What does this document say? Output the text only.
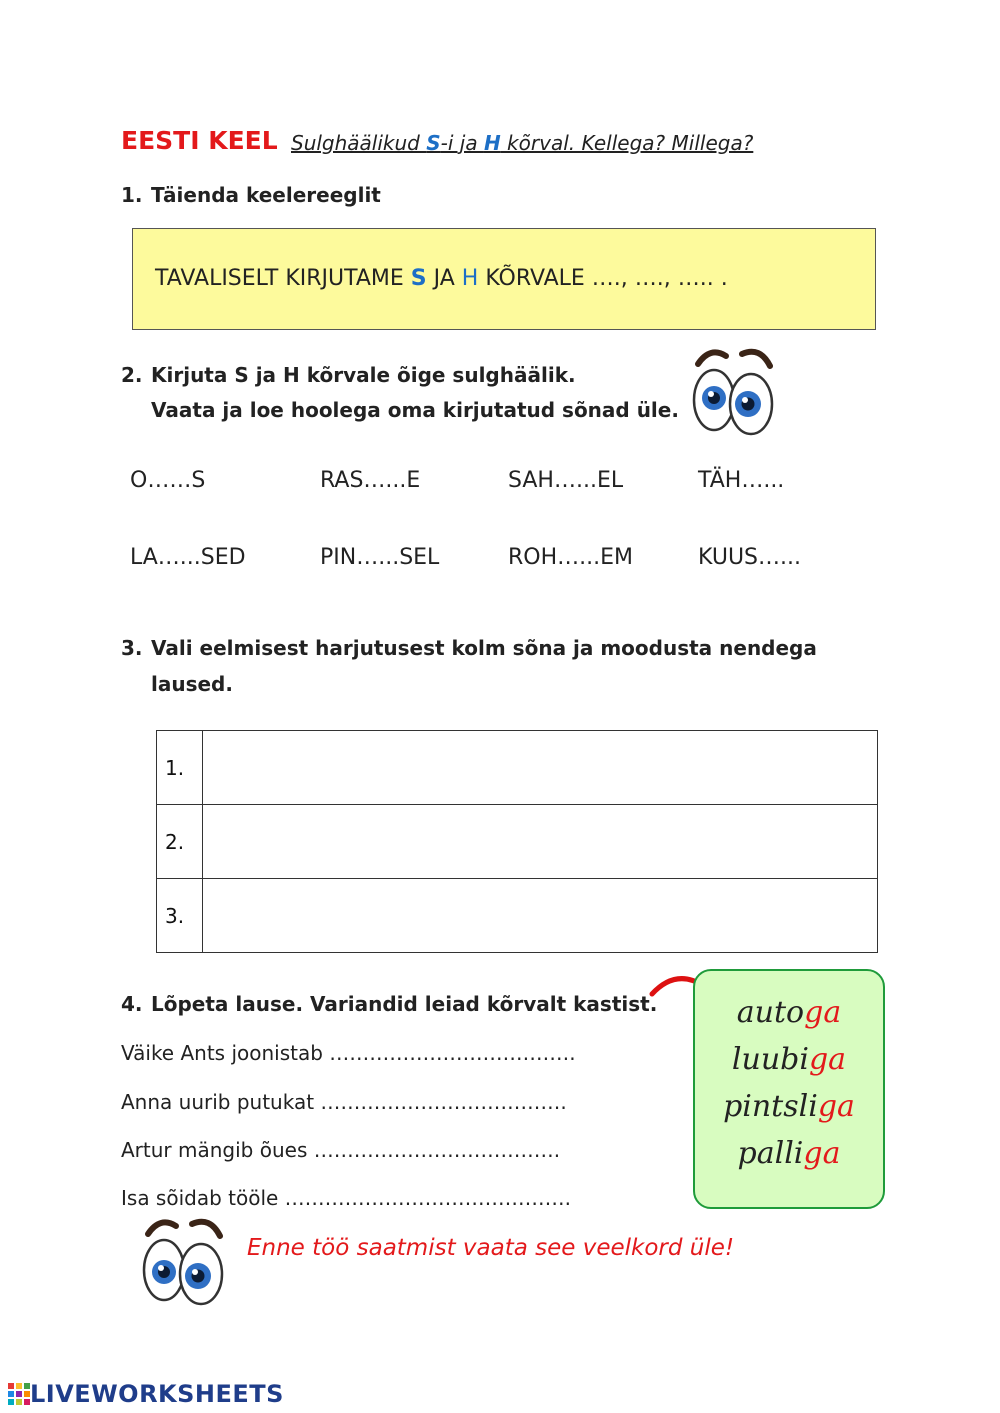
EESTI KEEL Sulghäälikud S-i ja H kõrval. Kellega? Millega?
1. Täienda keelereeglit
TAVALISELT KIRJUTAME S JA H KÕRVALE …., …., ….. .
2. Kirjuta S ja H kõrvale õige sulghäälik.
Vaata ja loe hoolega oma kirjutatud sõnad üle.
O……S	RAS…...E	SAH…...EL	TÄH…...
LA…...SED	PIN…...SEL	ROH…...EM	KUUS…...
3. Vali eelmisest harjutusest kolm sõna ja moodusta nendega
laused.
1.	
2.	
3.	
4. Lõpeta lause. Variandid leiad kõrvalt kastist.
Väike Ants joonistab ……………………………….
Anna uurib putukat ……………………………….
Artur mängib õues ……………………………….
Isa sõidab tööle …………………………………….
autoga
luubiga
pintsliga
palliga
Enne töö saatmist vaata see veelkord üle!
LIVEWORKSHEETS
